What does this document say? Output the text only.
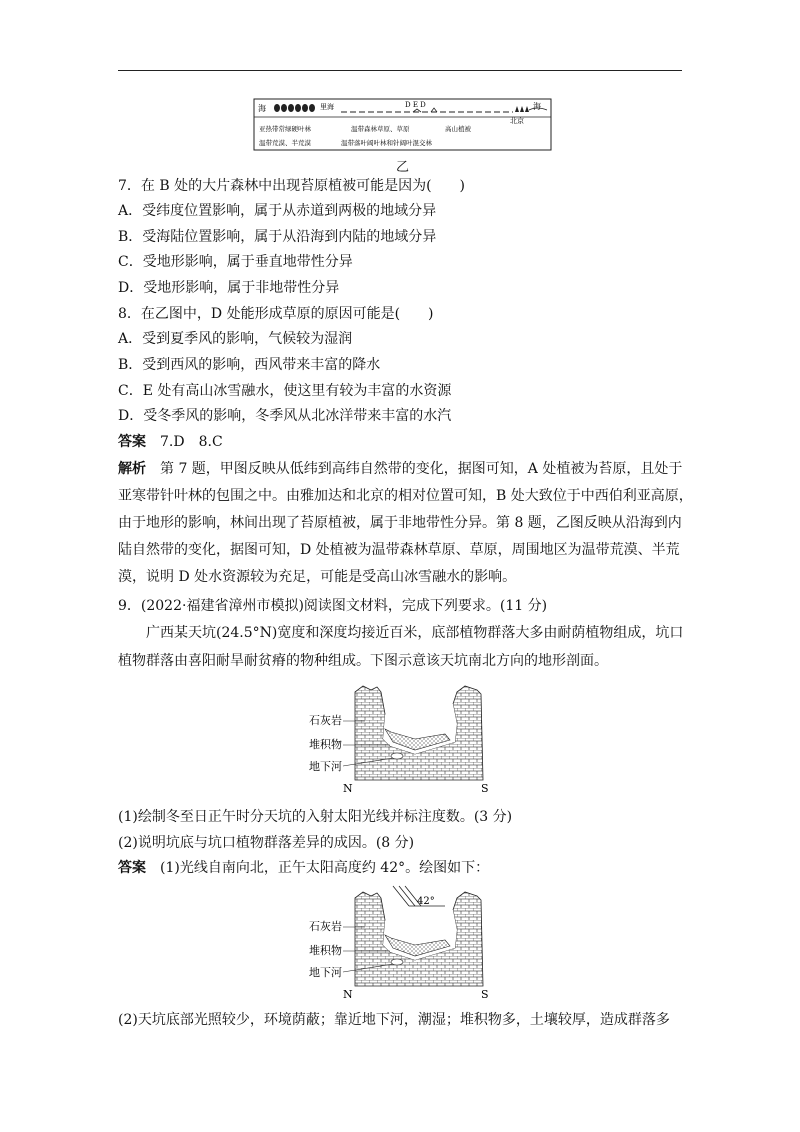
海	里海	D E D	海
北京
亚热带常绿硬叶林	温带森林草原、草原	高山植被
温带荒漠、半荒漠	温带落叶阔叶林和针阔叶混交林
乙
7．在 B 处的大片森林中出现苔原植被可能是因为(　　)
A．受纬度位置影响，属于从赤道到两极的地域分异
B．受海陆位置影响，属于从沿海到内陆的地域分异
C．受地形影响，属于垂直地带性分异
D．受地形影响，属于非地带性分异
8．在乙图中，D 处能形成草原的原因可能是(　　)
A．受到夏季风的影响，气候较为湿润
B．受到西风的影响，西风带来丰富的降水
C．E 处有高山冰雪融水，使这里有较为丰富的水资源
D．受冬季风的影响，冬季风从北冰洋带来丰富的水汽
答案　 7.D　8.C
解析　 第 7 题，甲图反映从低纬到高纬自然带的变化，据图可知，A 处植被为苔原，且处于
亚寒带针叶林的包围之中。由雅加达和北京的相对位置可知，B 处大致位于中西伯利亚高原，
由于地形的影响，林间出现了苔原植被，属于非地带性分异。第 8 题，乙图反映从沿海到内
陆自然带的变化，据图可知，D 处植被为温带森林草原、草原，周围地区为温带荒漠、半荒
漠，说明 D 处水资源较为充足，可能是受高山冰雪融水的影响。
9．(2022·福建省漳州市模拟)阅读图文材料，完成下列要求。(11 分)
广西某天坑(24.5°N)宽度和深度均接近百米，底部植物群落大多由耐荫植物组成，坑口
植物群落由喜阳耐旱耐贫瘠的物种组成。下图示意该天坑南北方向的地形剖面。
石灰岩
堆积物
地下河
N	S
(1)绘制冬至日正午时分天坑的入射太阳光线并标注度数。(3 分)
(2)说明坑底与坑口植物群落差异的成因。(8 分)
答案　 (1)光线自南向北，正午太阳高度约 42°。绘图如下：
42°
石灰岩
堆积物
地下河
N	S
(2)天坑底部光照较少，环境荫蔽；靠近地下河，潮湿；堆积物多，土壤较厚，造成群落多
